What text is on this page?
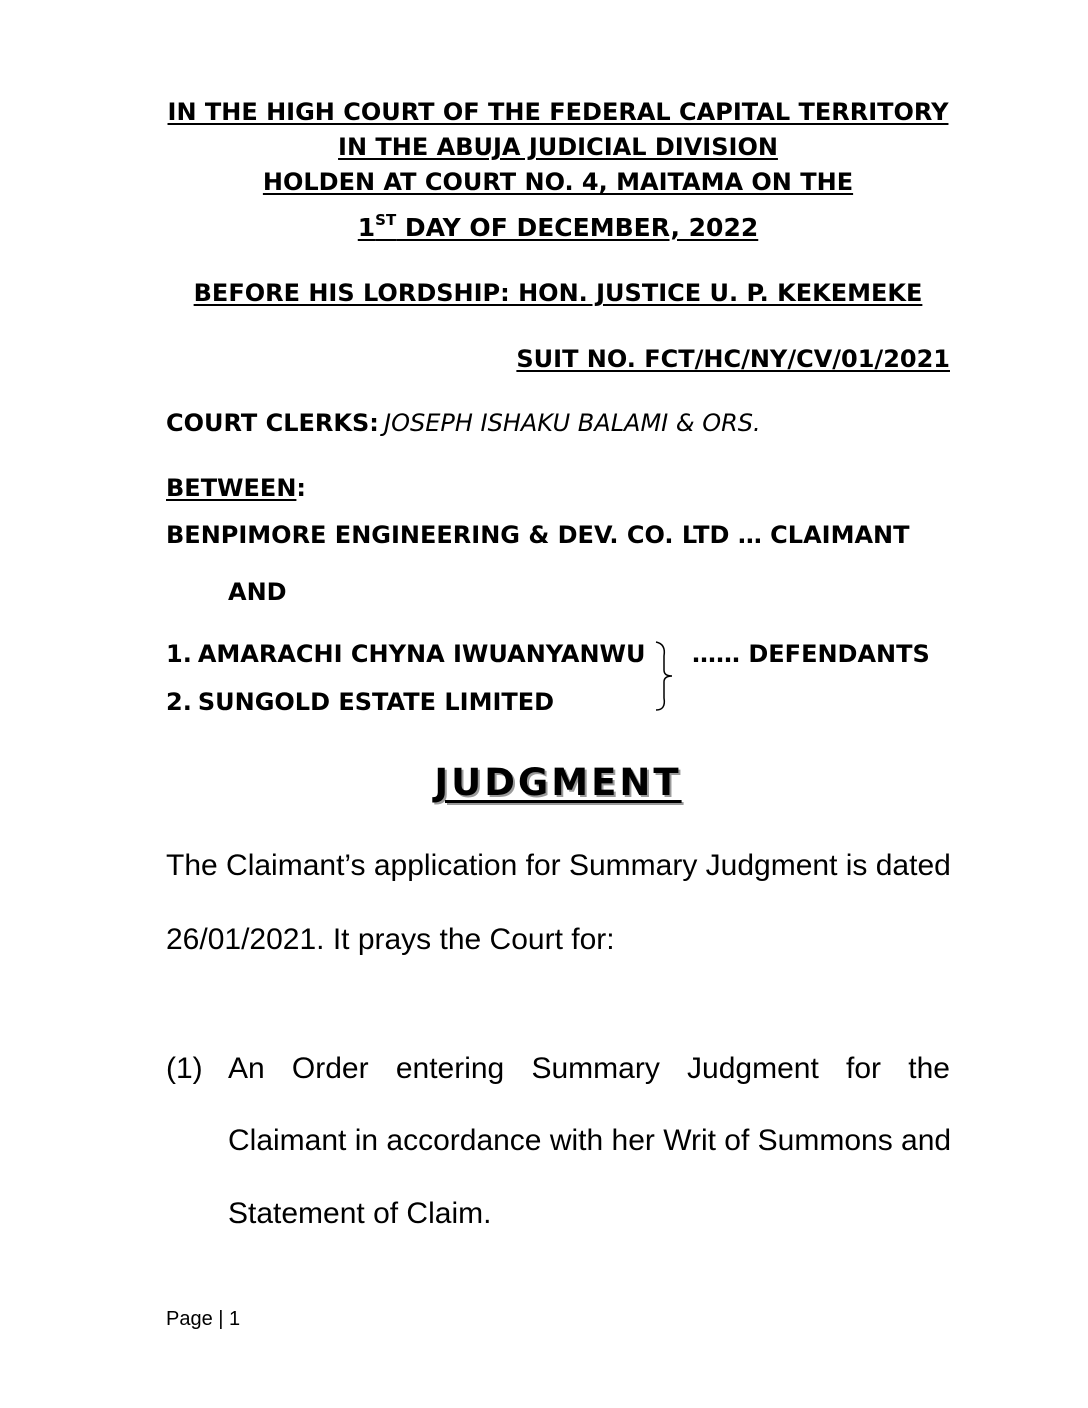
IN THE HIGH COURT OF THE FEDERAL CAPITAL TERRITORY
IN THE ABUJA JUDICIAL DIVISION
HOLDEN AT COURT NO. 4, MAITAMA ON THE
1ST DAY OF DECEMBER, 2022
BEFORE HIS LORDSHIP: HON. JUSTICE U. P. KEKEMEKE
SUIT NO. FCT/HC/NY/CV/01/2021
COURT CLERKS: JOSEPH ISHAKU BALAMI & ORS.
BETWEEN:
BENPIMORE ENGINEERING & DEV. CO. LTD … CLAIMANT
AND
1. AMARACHI CHYNA IWUANYANWU
2. SUNGOLD ESTATE LIMITED
…… DEFENDANTS
JUDGMENT
The Claimant’s application for Summary Judgment is dated
26/01/2021. It prays the Court for:
(1) An Order entering Summary Judgment for the
Claimant in accordance with her Writ of Summons and
Statement of Claim.
Page | 1
